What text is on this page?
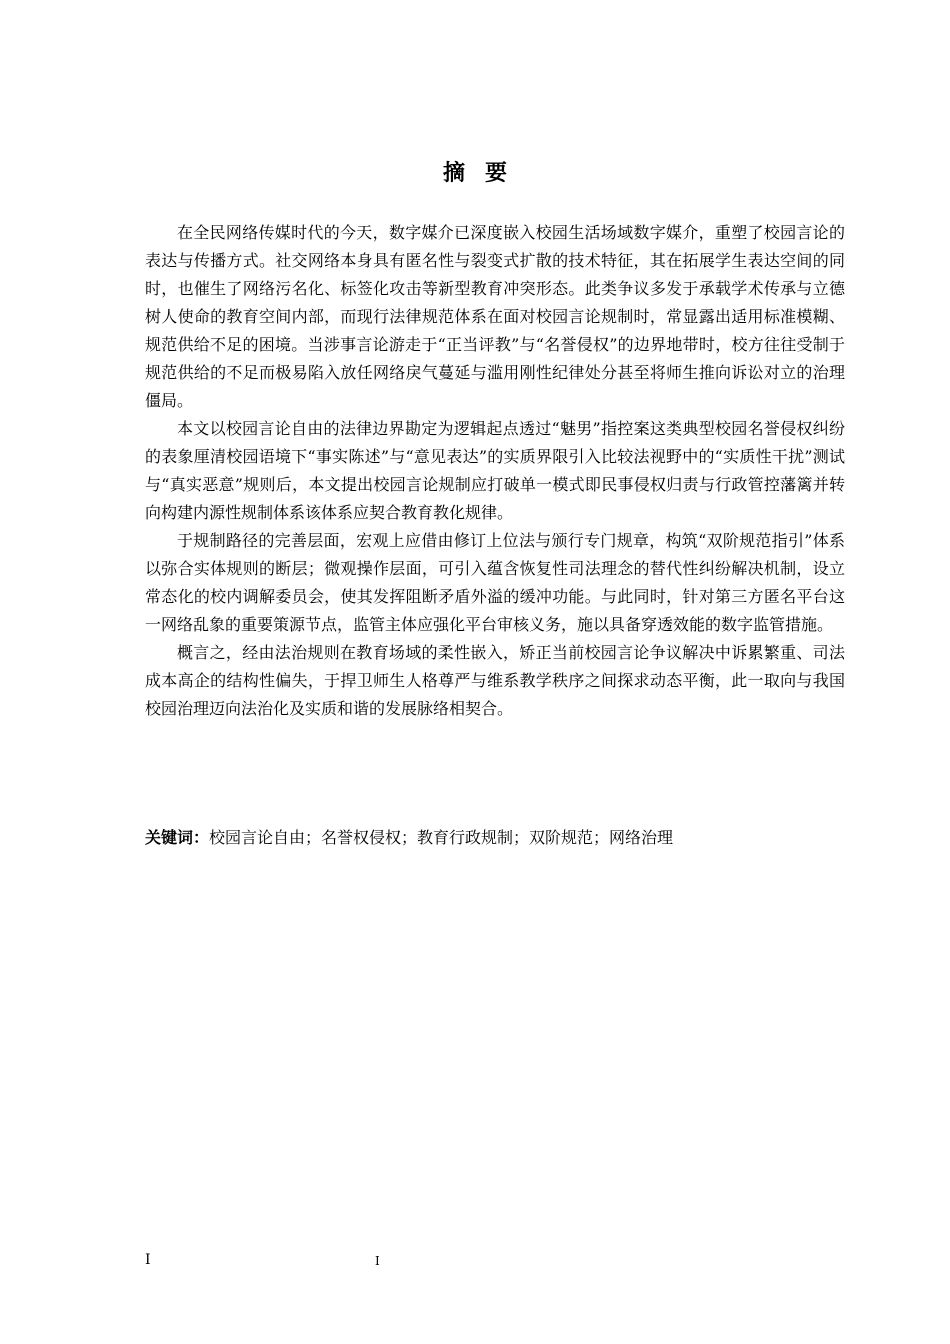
摘要

在全民网络传媒时代的今天，数字媒介已深度嵌入校园生活场域数字媒介，重塑了校园言论的表达与传播方式。社交网络本身具有匿名性与裂变式扩散的技术特征，其在拓展学生表达空间的同时，也催生了网络污名化、标签化攻击等新型教育冲突形态。此类争议多发于承载学术传承与立德树人使命的教育空间内部，而现行法律规范体系在面对校园言论规制时，常显露出适用标准模糊、规范供给不足的困境。当涉事言论游走于“正当评教”与“名誉侵权”的边界地带时，校方往往受制于规范供给的不足而极易陷入放任网络戾气蔓延与滥用刚性纪律处分甚至将师生推向诉讼对立的治理僵局。

本文以校园言论自由的法律边界勘定为逻辑起点透过“魅男”指控案这类典型校园名誉侵权纠纷的表象厘清校园语境下“事实陈述”与“意见表达”的实质界限引入比较法视野中的“实质性干扰”测试与“真实恶意”规则后，本文提出校园言论规制应打破单一模式即民事侵权归责与行政管控藩篱并转向构建内源性规制体系该体系应契合教育教化规律。

于规制路径的完善层面，宏观上应借由修订上位法与颁行专门规章，构筑“双阶规范指引”体系以弥合实体规则的断层；微观操作层面，可引入蕴含恢复性司法理念的替代性纠纷解决机制，设立常态化的校内调解委员会，使其发挥阻断矛盾外溢的缓冲功能。与此同时，针对第三方匿名平台这一网络乱象的重要策源节点，监管主体应强化平台审核义务，施以具备穿透效能的数字监管措施。

概言之，经由法治规则在教育场域的柔性嵌入，矫正当前校园言论争议解决中诉累繁重、司法成本高企的结构性偏失，于捍卫师生人格尊严与维系教学秩序之间探求动态平衡，此一取向与我国校园治理迈向法治化及实质和谐的发展脉络相契合。

关键词：校园言论自由；名誉权侵权；教育行政规制；双阶规范；网络治理
I	I
